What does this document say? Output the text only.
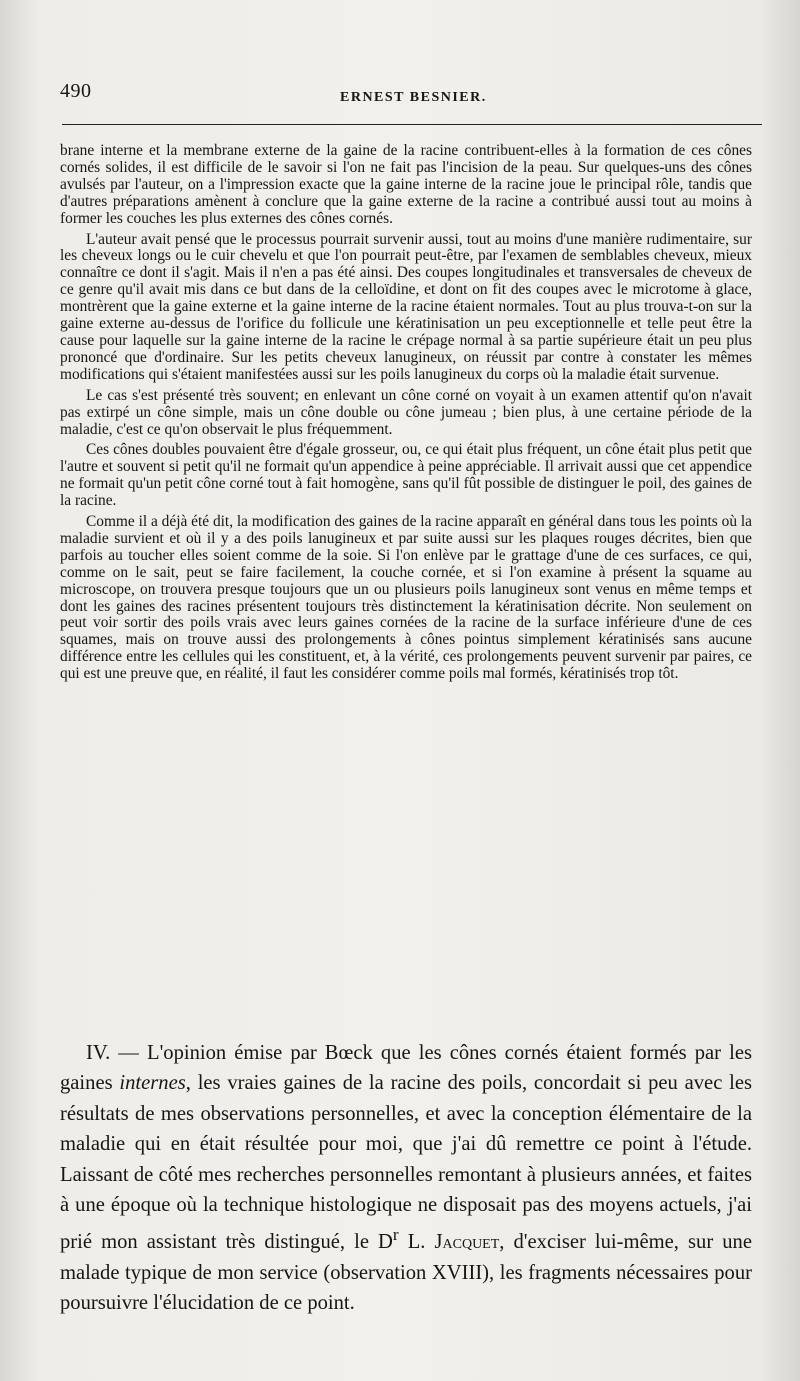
490	ERNEST BESNIER.

brane interne et la membrane externe de la gaine de la racine contribuent-elles à la formation de ces cônes cornés solides, il est difficile de le savoir si l'on ne fait pas l'incision de la peau. Sur quelques-uns des cônes avulsés par l'auteur, on a l'impression exacte que la gaine interne de la racine joue le principal rôle, tandis que d'autres préparations amènent à conclure que la gaine externe de la racine a contribué aussi tout au moins à former les couches les plus externes des cônes cornés.

L'auteur avait pensé que le processus pourrait survenir aussi, tout au moins d'une manière rudimentaire, sur les cheveux longs ou le cuir chevelu et que l'on pourrait peut-être, par l'examen de semblables cheveux, mieux connaître ce dont il s'agit. Mais il n'en a pas été ainsi. Des coupes longitudinales et transversales de cheveux de ce genre qu'il avait mis dans ce but dans de la celloïdine, et dont on fit des coupes avec le microtome à glace, montrèrent que la gaine externe et la gaine interne de la racine étaient normales. Tout au plus trouva-t-on sur la gaine externe au-dessus de l'orifice du follicule une kératinisation un peu exceptionnelle et telle peut être la cause pour laquelle sur la gaine interne de la racine le crépage normal à sa partie supérieure était un peu plus prononcé que d'ordinaire. Sur les petits cheveux lanugineux, on réussit par contre à constater les mêmes modifications qui s'étaient manifestées aussi sur les poils lanugineux du corps où la maladie était survenue.

Le cas s'est présenté très souvent; en enlevant un cône corné on voyait à un examen attentif qu'on n'avait pas extirpé un cône simple, mais un cône double ou cône jumeau ; bien plus, à une certaine période de la maladie, c'est ce qu'on observait le plus fréquemment.

Ces cônes doubles pouvaient être d'égale grosseur, ou, ce qui était plus fréquent, un cône était plus petit que l'autre et souvent si petit qu'il ne formait qu'un appendice à peine appréciable. Il arrivait aussi que cet appendice ne formait qu'un petit cône corné tout à fait homogène, sans qu'il fût possible de distinguer le poil, des gaines de la racine.

Comme il a déjà été dit, la modification des gaines de la racine apparaît en général dans tous les points où la maladie survient et où il y a des poils lanugineux et par suite aussi sur les plaques rouges décrites, bien que parfois au toucher elles soient comme de la soie. Si l'on enlève par le grattage d'une de ces surfaces, ce qui, comme on le sait, peut se faire facilement, la couche cornée, et si l'on examine à présent la squame au microscope, on trouvera presque toujours que un ou plusieurs poils lanugineux sont venus en même temps et dont les gaines des racines présentent toujours très distinctement la kératinisation décrite. Non seulement on peut voir sortir des poils vrais avec leurs gaines cornées de la racine de la surface inférieure d'une de ces squames, mais on trouve aussi des prolongements à cônes pointus simplement kératinisés sans aucune différence entre les cellules qui les constituent, et, à la vérité, ces prolongements peuvent survenir par paires, ce qui est une preuve que, en réalité, il faut les considérer comme poils mal formés, kératinisés trop tôt.

IV. — L'opinion émise par Bœck que les cônes cornés étaient formés par les gaines internes, les vraies gaines de la racine des poils, concordait si peu avec les résultats de mes observations personnelles, et avec la conception élémentaire de la maladie qui en était résultée pour moi, que j'ai dû remettre ce point à l'étude. Laissant de côté mes recherches personnelles remontant à plusieurs années, et faites à une époque où la technique histologique ne disposait pas des moyens actuels, j'ai prié mon assistant très distingué, le $D^r$ L. Jacquet, d'exciser lui-même, sur une malade typique de mon service (observation XVIII), les fragments nécessaires pour poursuivre l'élucidation de ce point.
